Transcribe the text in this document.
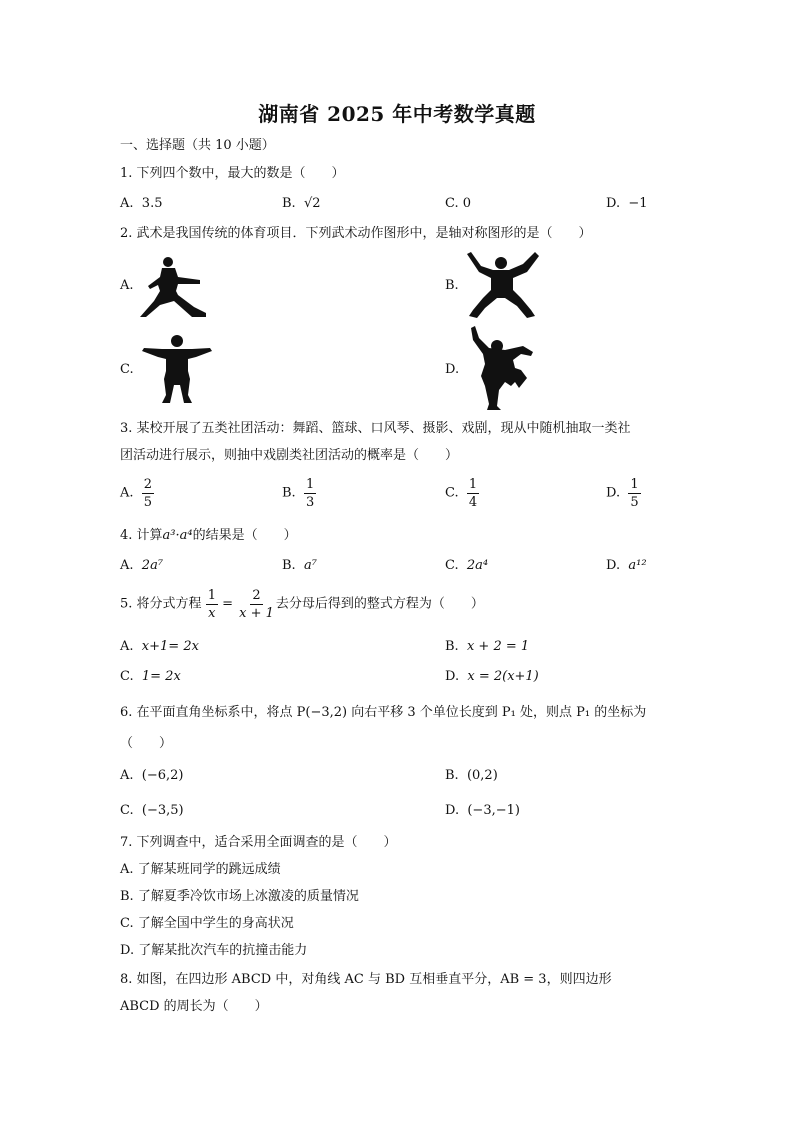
湖南省 2025 年中考数学真题
一、选择题（共 10 小题）
1. 下列四个数中，最大的数是（　　）
A. 3.5	B. √2	C. 0	D. −1
2. 武术是我国传统的体育项目．下列武术动作图形中，是轴对称图形的是（　　）
A.	B.
C.	D.
3. 某校开展了五类社团活动：舞蹈、篮球、口风琴、摄影、戏剧，现从中随机抽取一类社
团活动进行展示，则抽中戏剧类社团活动的概率是（　　）
A. $\frac{2}{5}$	B. $\frac{1}{3}$	C. $\frac{1}{4}$	D. $\frac{1}{5}$
4. 计算a³·a⁴的结果是（　　）
A. 2a⁷	B. a⁷	C. 2a⁴	D. a¹²
5. 将分式方程 $\frac{1}{x} = \frac{2}{x + 1}$ 去分母后得到的整式方程为（　　）
A. x+1= 2x	B. x + 2 = 1
C. 1= 2x	D. x = 2(x+1)
6. 在平面直角坐标系中，将点 P(−3,2) 向右平移 3 个单位长度到 P₁ 处，则点 P₁ 的坐标为
（　　）
A. (−6,2)	B. (0,2)
C. (−3,5)	D. (−3,−1)
7. 下列调查中，适合采用全面调查的是（　　）
A. 了解某班同学的跳远成绩
B. 了解夏季冷饮市场上冰激凌的质量情况
C. 了解全国中学生的身高状况
D. 了解某批次汽车的抗撞击能力
8. 如图，在四边形 ABCD 中，对角线 AC 与 BD 互相垂直平分，AB = 3，则四边形
ABCD 的周长为（　　）
